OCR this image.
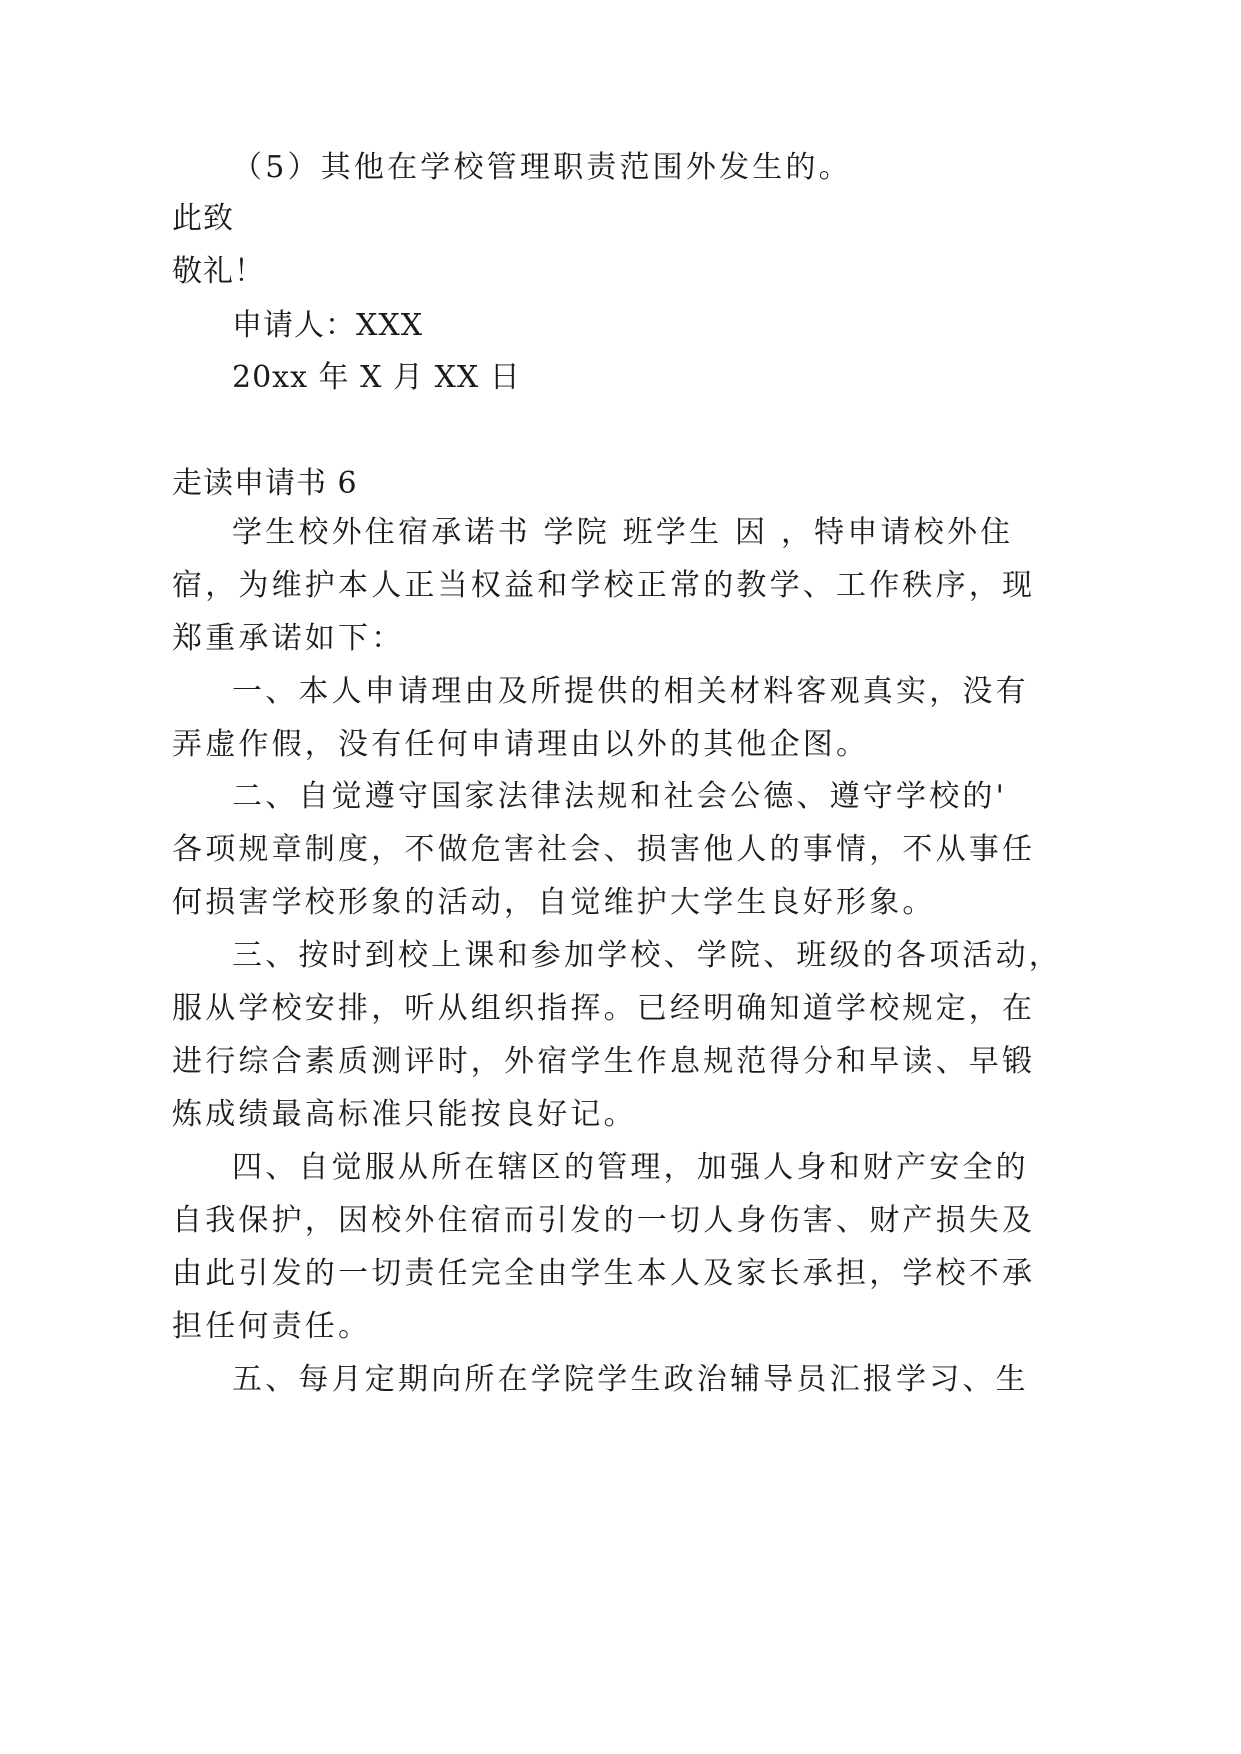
（5）其他在学校管理职责范围外发生的。
此致
敬礼！
申请人：XXX
20xx 年 X 月 XX 日
走读申请书 6
学生校外住宿承诺书 学院 班学生 因 ，特申请校外住
宿，为维护本人正当权益和学校正常的教学、工作秩序，现
郑重承诺如下：
一、本人申请理由及所提供的相关材料客观真实，没有
弄虚作假，没有任何申请理由以外的其他企图。
二、自觉遵守国家法律法规和社会公德、遵守学校的'
各项规章制度，不做危害社会、损害他人的事情，不从事任
何损害学校形象的活动，自觉维护大学生良好形象。
三、按时到校上课和参加学校、学院、班级的各项活动，
服从学校安排，听从组织指挥。已经明确知道学校规定，在
进行综合素质测评时，外宿学生作息规范得分和早读、早锻
炼成绩最高标准只能按良好记。
四、自觉服从所在辖区的管理，加强人身和财产安全的
自我保护，因校外住宿而引发的一切人身伤害、财产损失及
由此引发的一切责任完全由学生本人及家长承担，学校不承
担任何责任。
五、每月定期向所在学院学生政治辅导员汇报学习、生
